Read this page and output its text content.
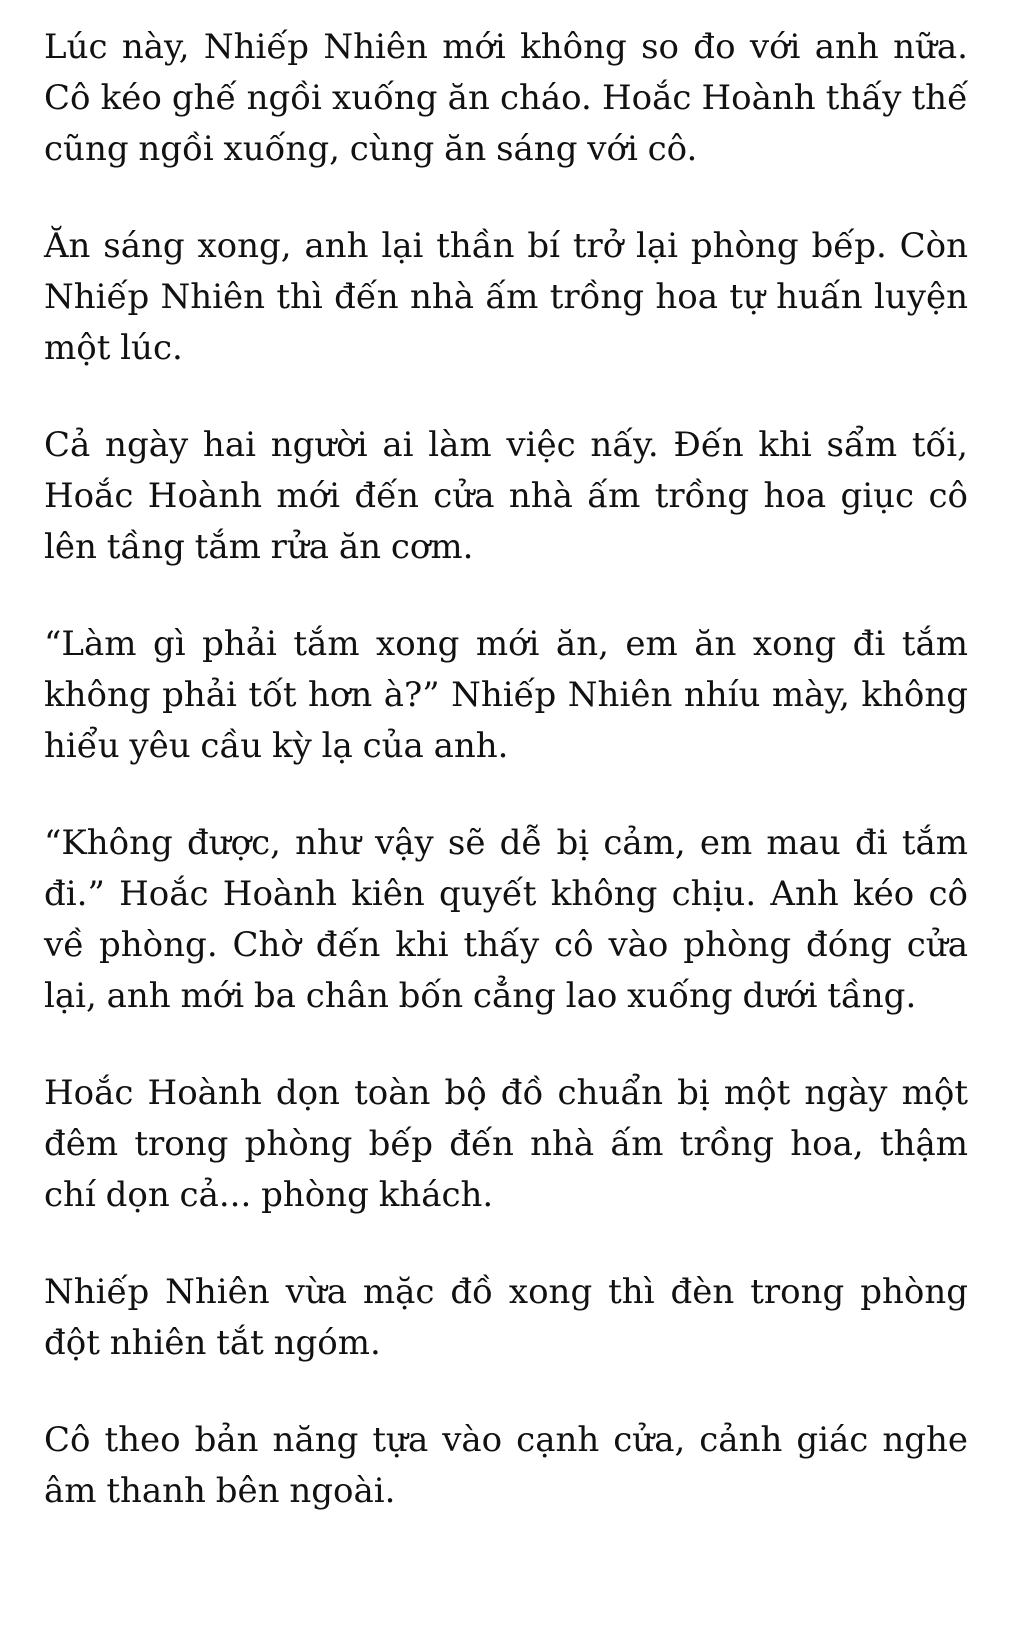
Lúc này, Nhiếp Nhiên mới không so đo với anh nữa. Cô kéo ghế ngồi xuống ăn cháo. Hoắc Hoành thấy thế cũng ngồi xuống, cùng ăn sáng với cô.

Ăn sáng xong, anh lại thần bí trở lại phòng bếp. Còn Nhiếp Nhiên thì đến nhà ấm trồng hoa tự huấn luyện một lúc.

Cả ngày hai người ai làm việc nấy. Đến khi sẩm tối, Hoắc Hoành mới đến cửa nhà ấm trồng hoa giục cô lên tầng tắm rửa ăn cơm.

“Làm gì phải tắm xong mới ăn, em ăn xong đi tắm không phải tốt hơn à?” Nhiếp Nhiên nhíu mày, không hiểu yêu cầu kỳ lạ của anh.

“Không được, như vậy sẽ dễ bị cảm, em mau đi tắm đi.” Hoắc Hoành kiên quyết không chịu. Anh kéo cô về phòng. Chờ đến khi thấy cô vào phòng đóng cửa lại, anh mới ba chân bốn cẳng lao xuống dưới tầng.

Hoắc Hoành dọn toàn bộ đồ chuẩn bị một ngày một đêm trong phòng bếp đến nhà ấm trồng hoa, thậm chí dọn cả... phòng khách.

Nhiếp Nhiên vừa mặc đồ xong thì đèn trong phòng đột nhiên tắt ngóm.

Cô theo bản năng tựa vào cạnh cửa, cảnh giác nghe âm thanh bên ngoài.
